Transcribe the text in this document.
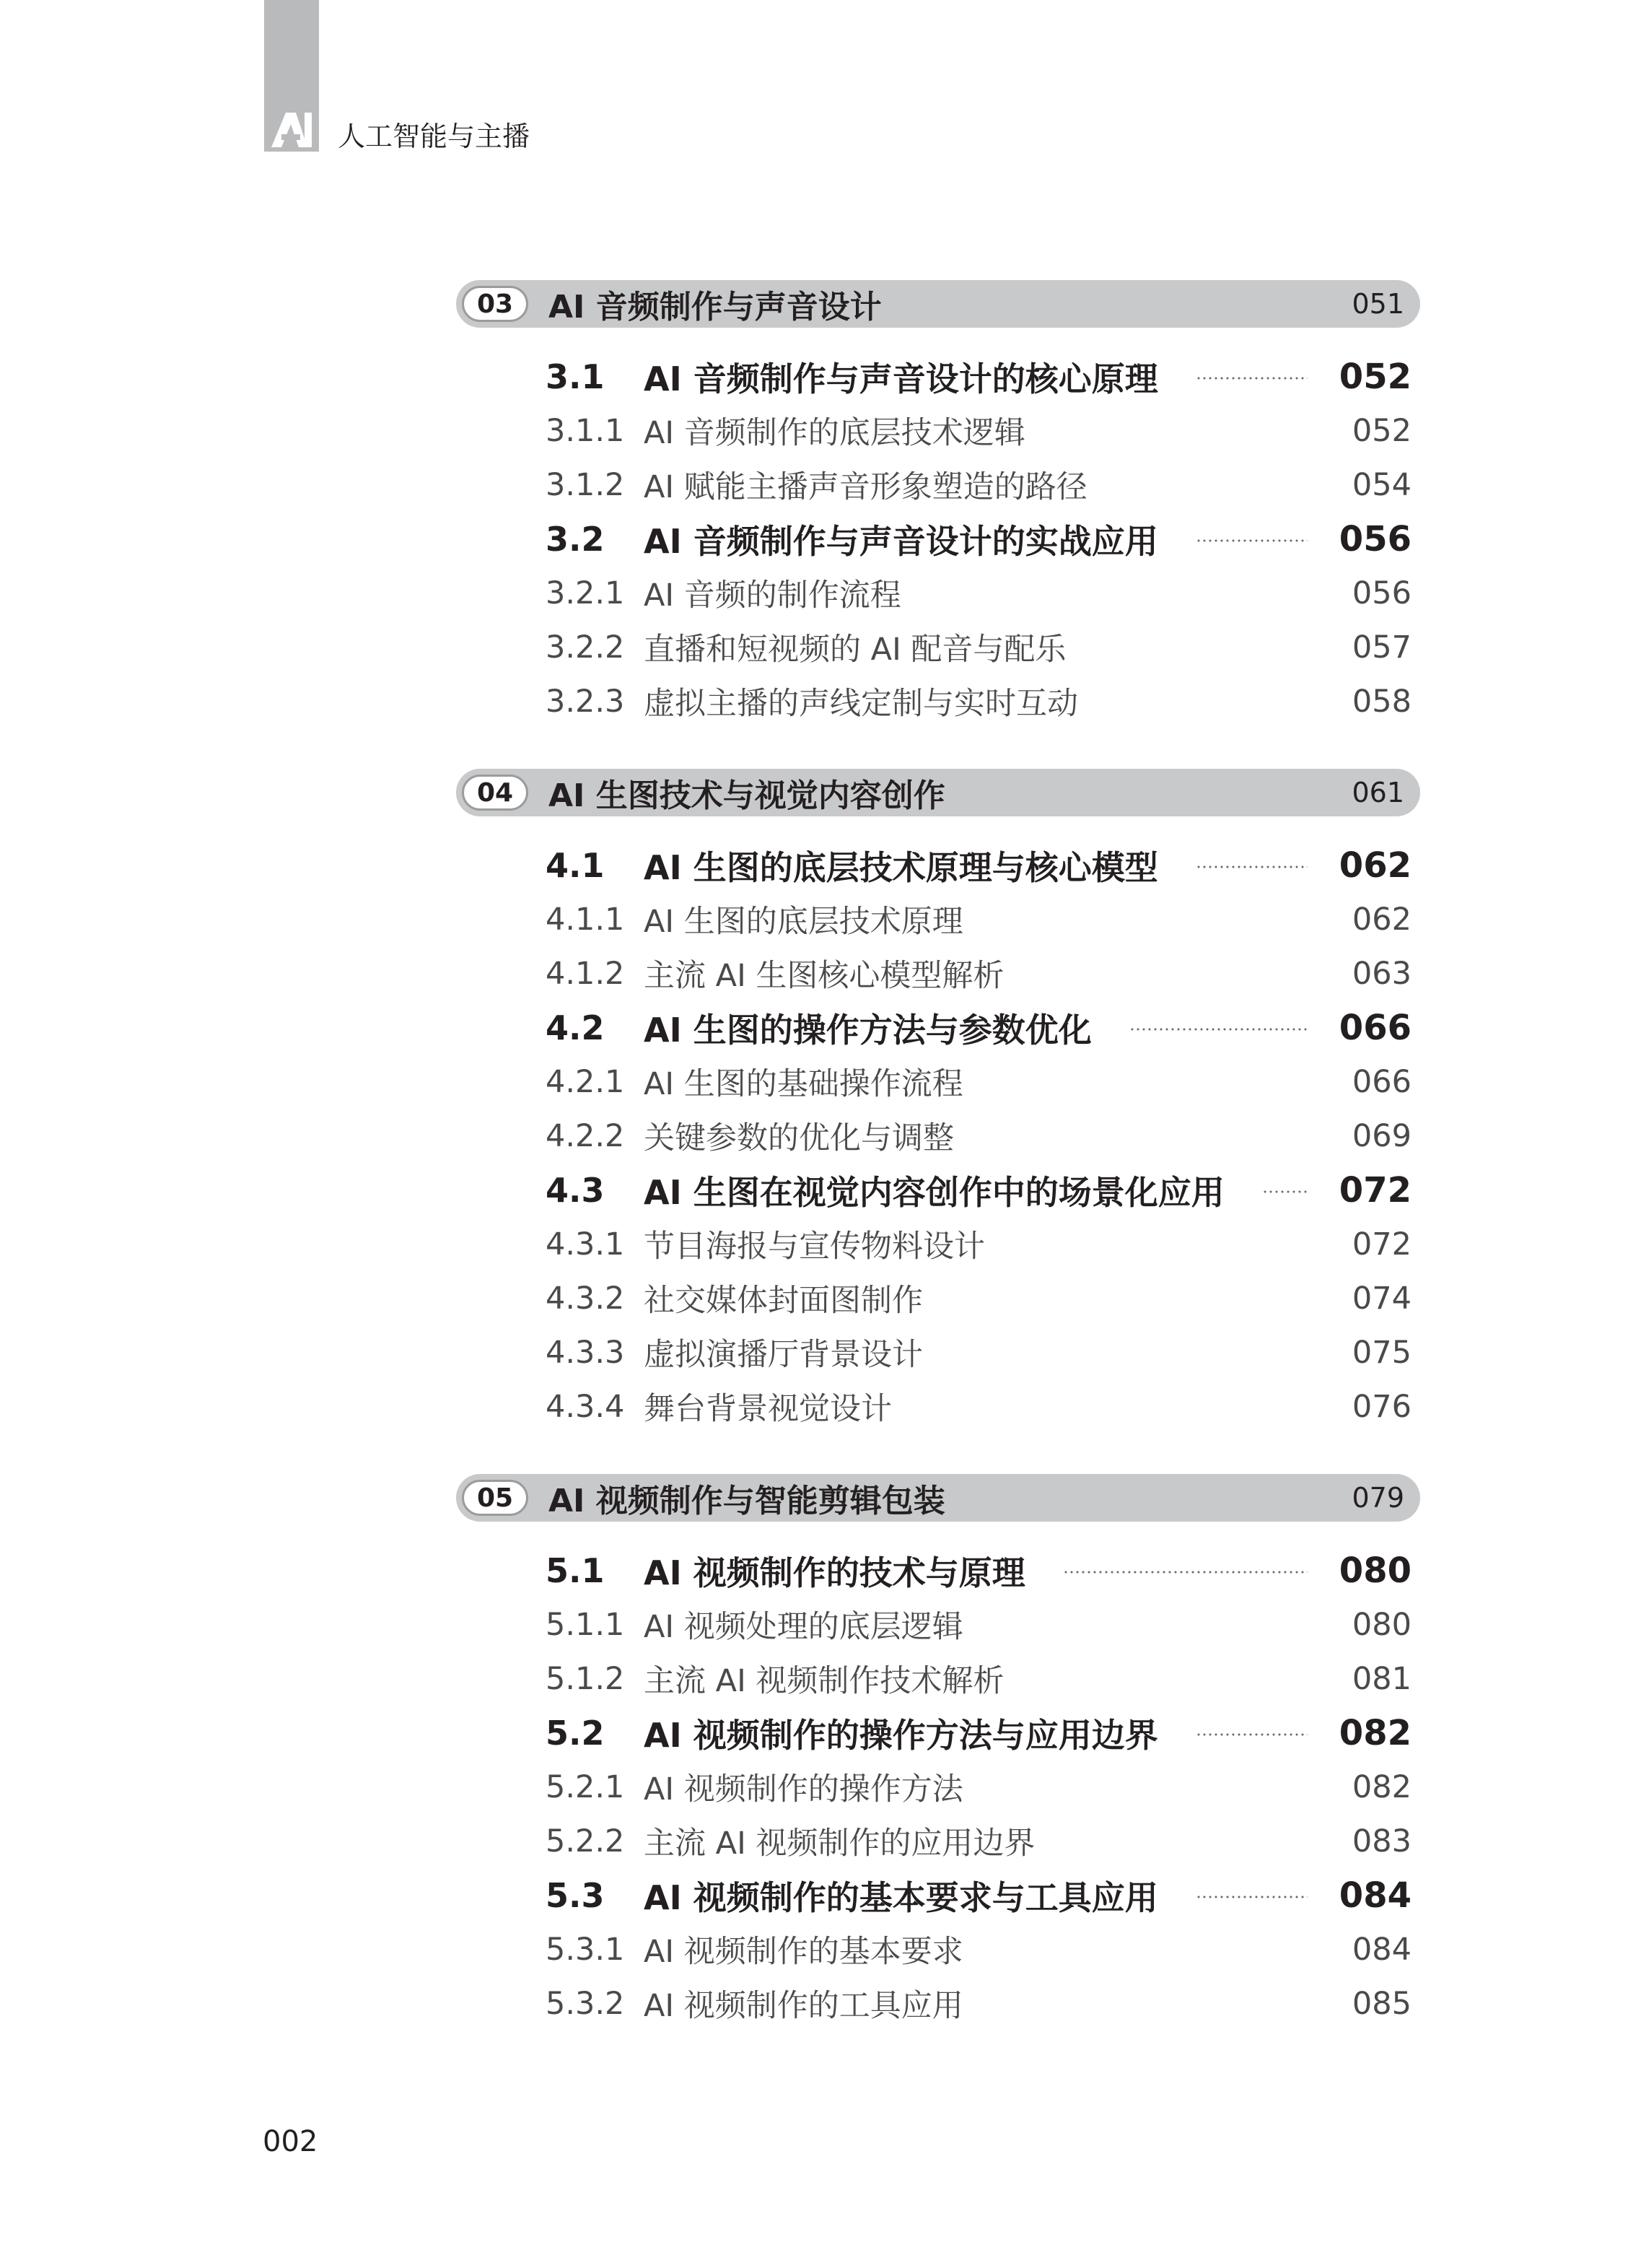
人工智能与主播
03	AI 音频制作与声音设计	051
3.1	AI 音频制作与声音设计的核心原理	052
3.1.1 AI 音频制作的底层技术逻辑	052
3.1.2 AI 赋能主播声音形象塑造的路径	054
3.2	AI 音频制作与声音设计的实战应用	056
3.2.1 AI 音频的制作流程	056
3.2.2 直播和短视频的 AI 配音与配乐	057
3.2.3 虚拟主播的声线定制与实时互动	058
04	AI 生图技术与视觉内容创作	061
4.1	AI 生图的底层技术原理与核心模型	062
4.1.1 AI 生图的底层技术原理	062
4.1.2 主流 AI 生图核心模型解析	063
4.2	AI 生图的操作方法与参数优化	066
4.2.1 AI 生图的基础操作流程	066
4.2.2 关键参数的优化与调整	069
4.3	AI 生图在视觉内容创作中的场景化应用	072
4.3.1 节目海报与宣传物料设计	072
4.3.2 社交媒体封面图制作	074
4.3.3 虚拟演播厅背景设计	075
4.3.4 舞台背景视觉设计	076
05	AI 视频制作与智能剪辑包装	079
5.1	AI 视频制作的技术与原理	080
5.1.1 AI 视频处理的底层逻辑	080
5.1.2 主流 AI 视频制作技术解析	081
5.2	AI 视频制作的操作方法与应用边界	082
5.2.1 AI 视频制作的操作方法	082
5.2.2 主流 AI 视频制作的应用边界	083
5.3	AI 视频制作的基本要求与工具应用	084
5.3.1 AI 视频制作的基本要求	084
5.3.2 AI 视频制作的工具应用	085
002
